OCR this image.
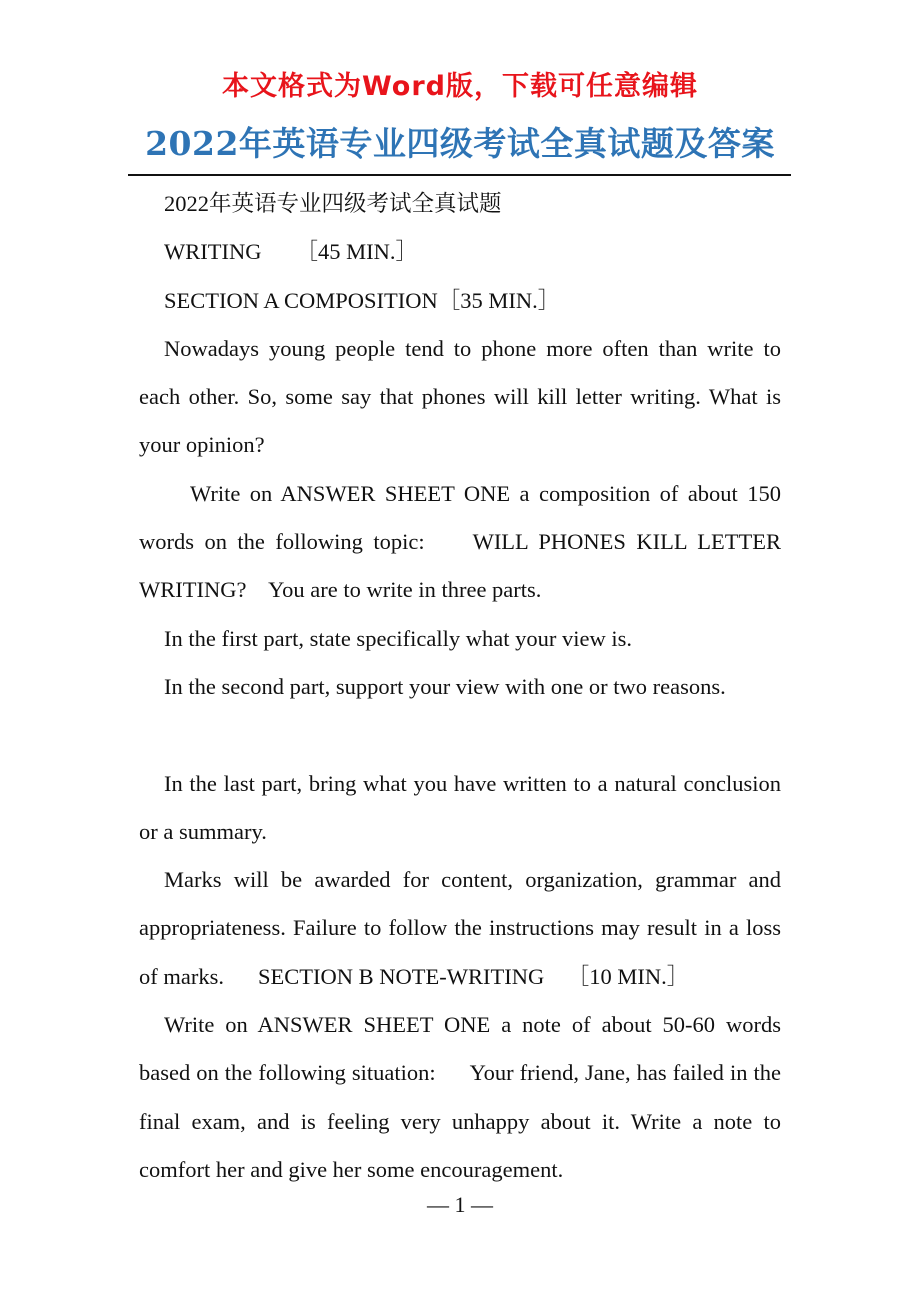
本文格式为Word版，下载可任意编辑

2022年英语专业四级考试全真试题及答案

2022年英语专业四级考试全真试题

WRITING ［45 MIN.］

SECTION A COMPOSITION［35 MIN.］

Nowadays young people tend to phone more often than write to each other. So, some say that phones will kill letter writing. What is your opinion?

Write on ANSWER SHEET ONE a composition of about 150 words on the following topic: WILL PHONES KILL LETTER WRITING? You are to write in three parts.

In the first part, state specifically what your view is.

In the second part, support your view with one or two reasons.

In the last part, bring what you have written to a natural conclusion or a summary.

Marks will be awarded for content, organization, grammar and appropriateness. Failure to follow the instructions may result in a loss of marks. SECTION B NOTE-WRITING ［10 MIN.］

Write on ANSWER SHEET ONE a note of about 50-60 words based on the following situation: Your friend, Jane, has failed in the final exam, and is feeling very unhappy about it. Write a note to comfort her and give her some encouragement.

— 1 —
